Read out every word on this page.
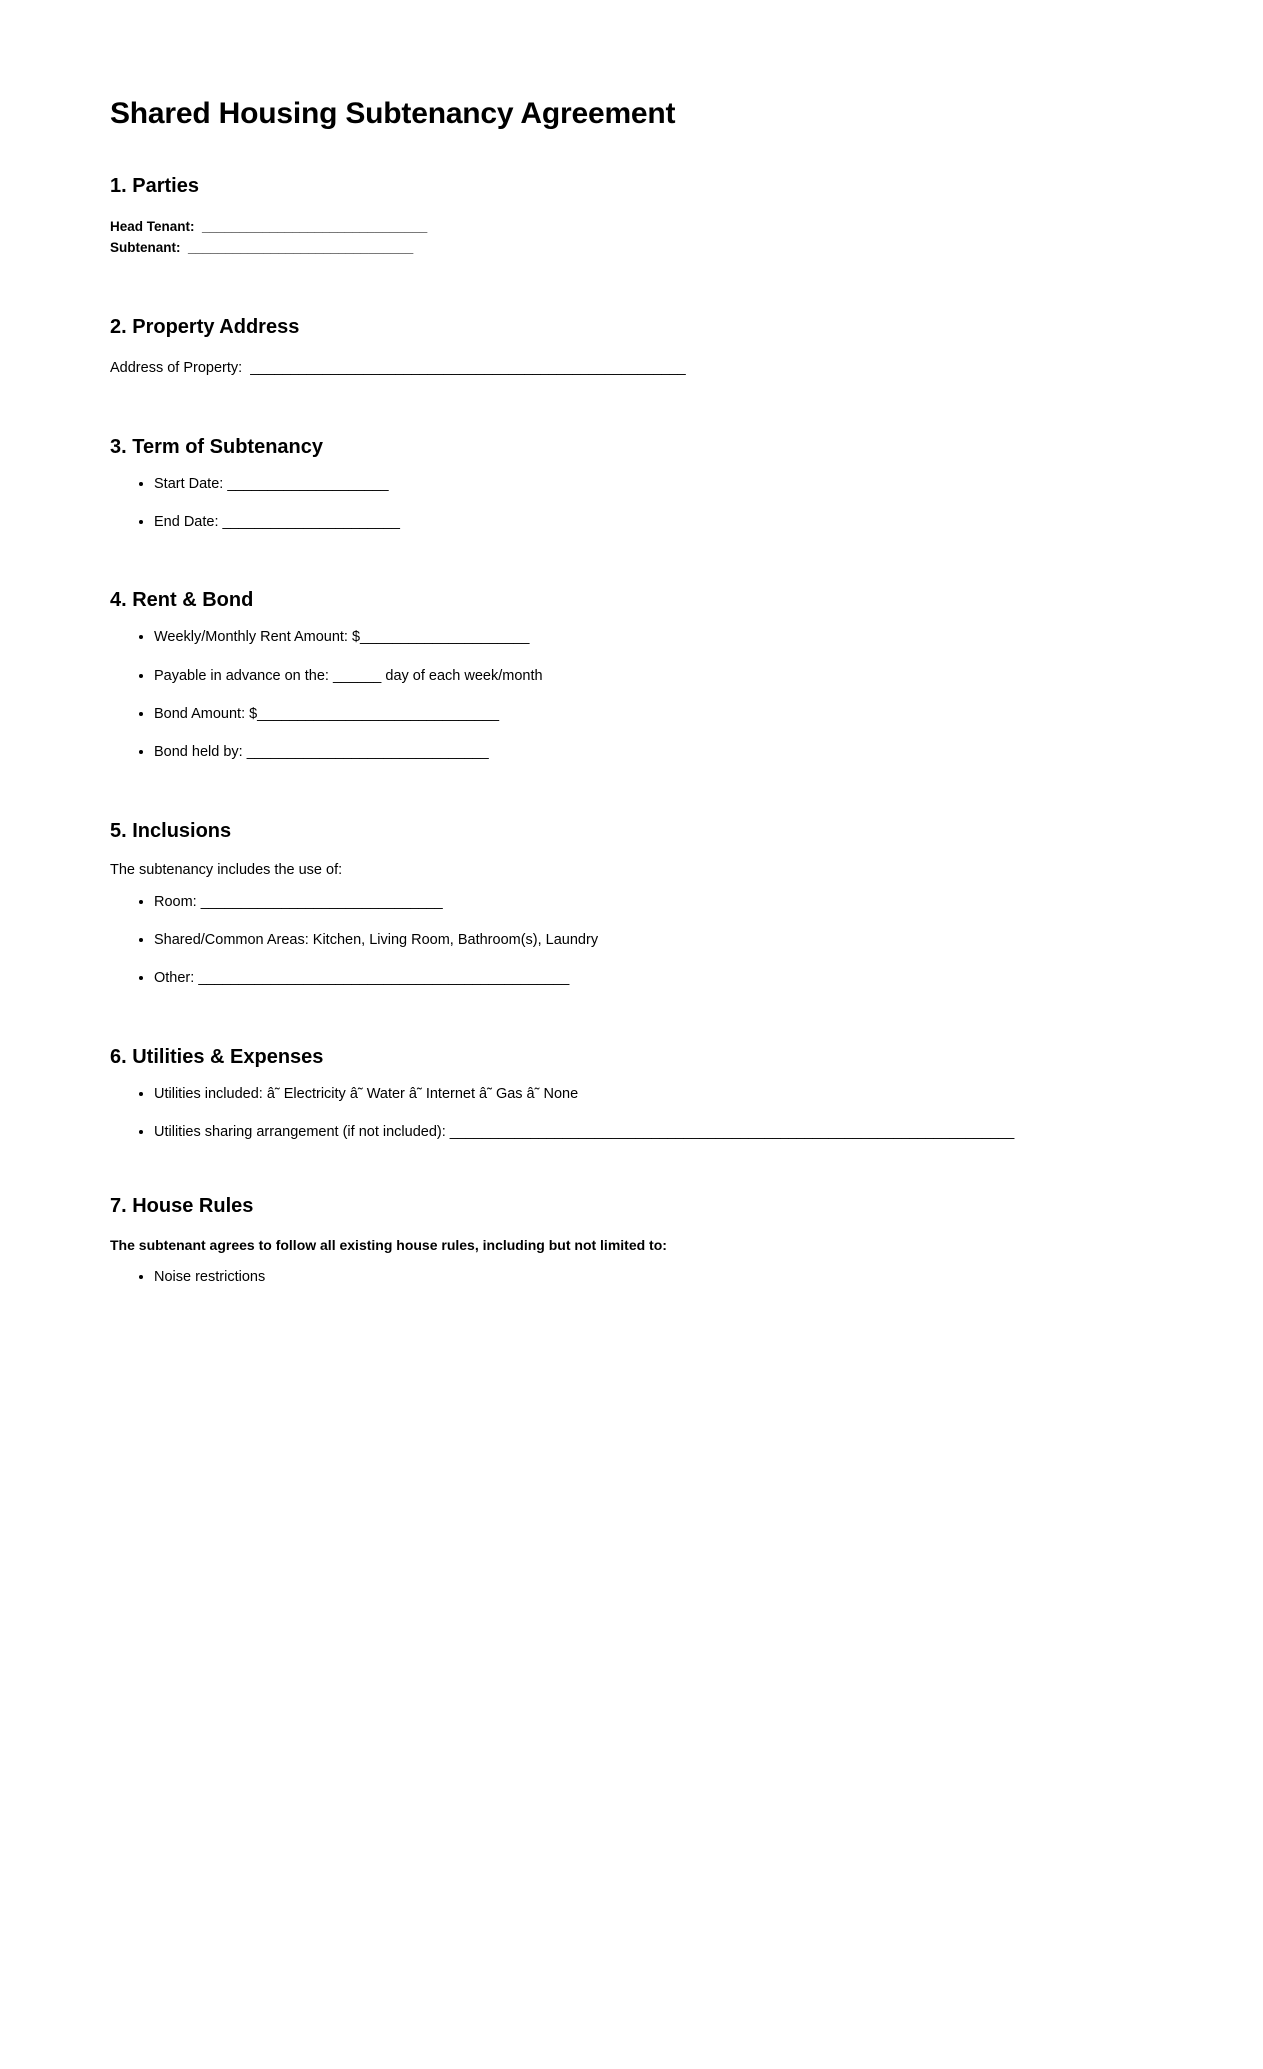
Shared Housing Subtenancy Agreement
1. Parties
Head Tenant:  ______________________________
Subtenant:  ______________________________
2. Property Address
Address of Property:  ______________________________________________________
3. Term of Subtenancy
• Start Date: ____________________
• End Date: ______________________
4. Rent & Bond
• Weekly/Monthly Rent Amount: $_____________________
• Payable in advance on the: ______ day of each week/month
• Bond Amount: $______________________________
• Bond held by: ______________________________
5. Inclusions
The subtenancy includes the use of:
• Room: ______________________________
• Shared/Common Areas: Kitchen, Living Room, Bathroom(s), Laundry
• Other: ______________________________________________
6. Utilities & Expenses
• Utilities included: â˜ Electricity â˜ Water â˜ Internet â˜ Gas â˜ None
• Utilities sharing arrangement (if not included): ______________________________________________________________________
7. House Rules
The subtenant agrees to follow all existing house rules, including but not limited to:
• Noise restrictions
